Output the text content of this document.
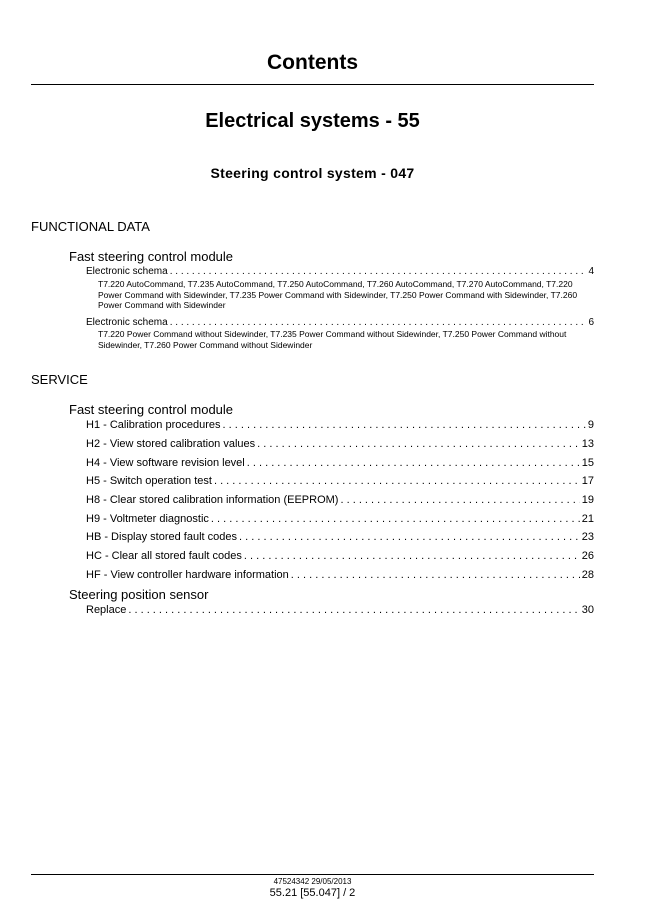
Contents
Electrical systems - 55
Steering control system - 047
FUNCTIONAL DATA
Fast steering control module
Electronic schema . . .	4
T7.220 AutoCommand, T7.235 AutoCommand, T7.250 AutoCommand, T7.260 AutoCommand, T7.270 AutoCommand, T7.220 Power Command with Sidewinder, T7.235 Power Command with Sidewinder, T7.250 Power Command with Sidewinder, T7.260 Power Command with Sidewinder
Electronic schema . . .	6
T7.220 Power Command without Sidewinder, T7.235 Power Command without Sidewinder, T7.250 Power Command without Sidewinder, T7.260 Power Command without Sidewinder
SERVICE
Fast steering control module
H1 - Calibration procedures . . .	9
H2 - View stored calibration values . . .	13
H4 - View software revision level . . .	15
H5 - Switch operation test . . .	17
H8 - Clear stored calibration information (EEPROM) . . .	19
H9 - Voltmeter diagnostic . . .	21
HB - Display stored fault codes . . .	23
HC - Clear all stored fault codes . . .	26
HF - View controller hardware information . . .	28
Steering position sensor
Replace . . .	30
47524342 29/05/2013
55.21 [55.047] / 2
